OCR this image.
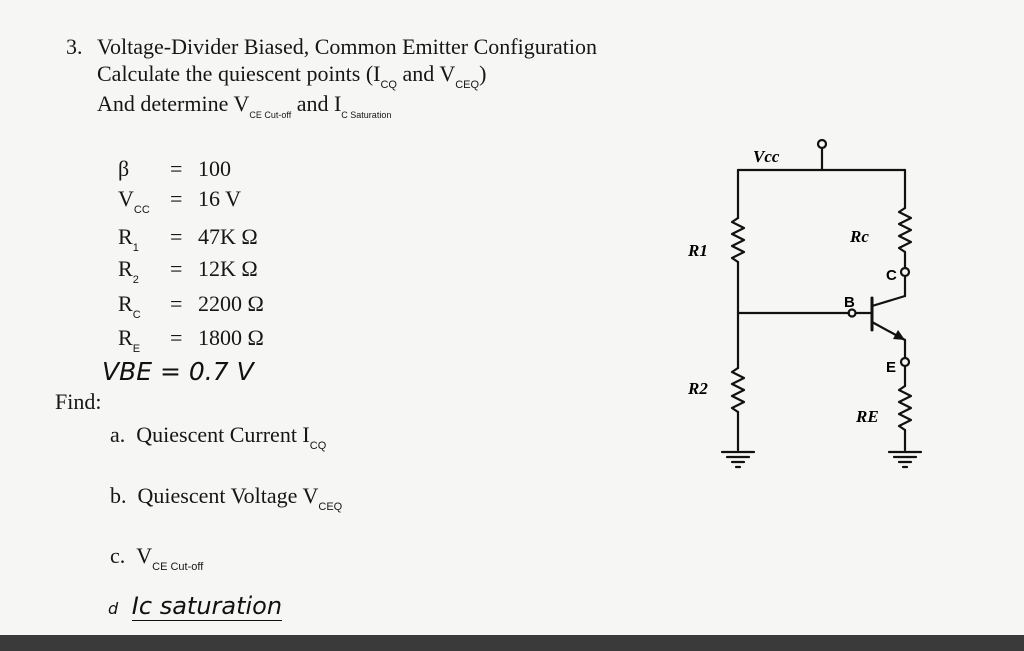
3. Voltage-Divider Biased, Common Emitter Configuration
Calculate the quiescent points ($I_{CQ}$ and $V_{CEQ}$)
And determine $V_{CE Cut-off}$ and $I_{C Saturation}$
β = 100
$V_{CC} = 16$ V
$R_1 = 47K$ Ω
$R_2 = 12K$ Ω
$R_C = 2200$ Ω
$R_E = 1800$ Ω
VBE = 0.7 V
Find:
a. Quiescent Current $I_{CQ}$
b. Quiescent Voltage $V_{CEQ}$
c. $V_{CE Cut-off}$
d Ic saturation
Vcc
R1
R2
Rc
RE
C
B
E
